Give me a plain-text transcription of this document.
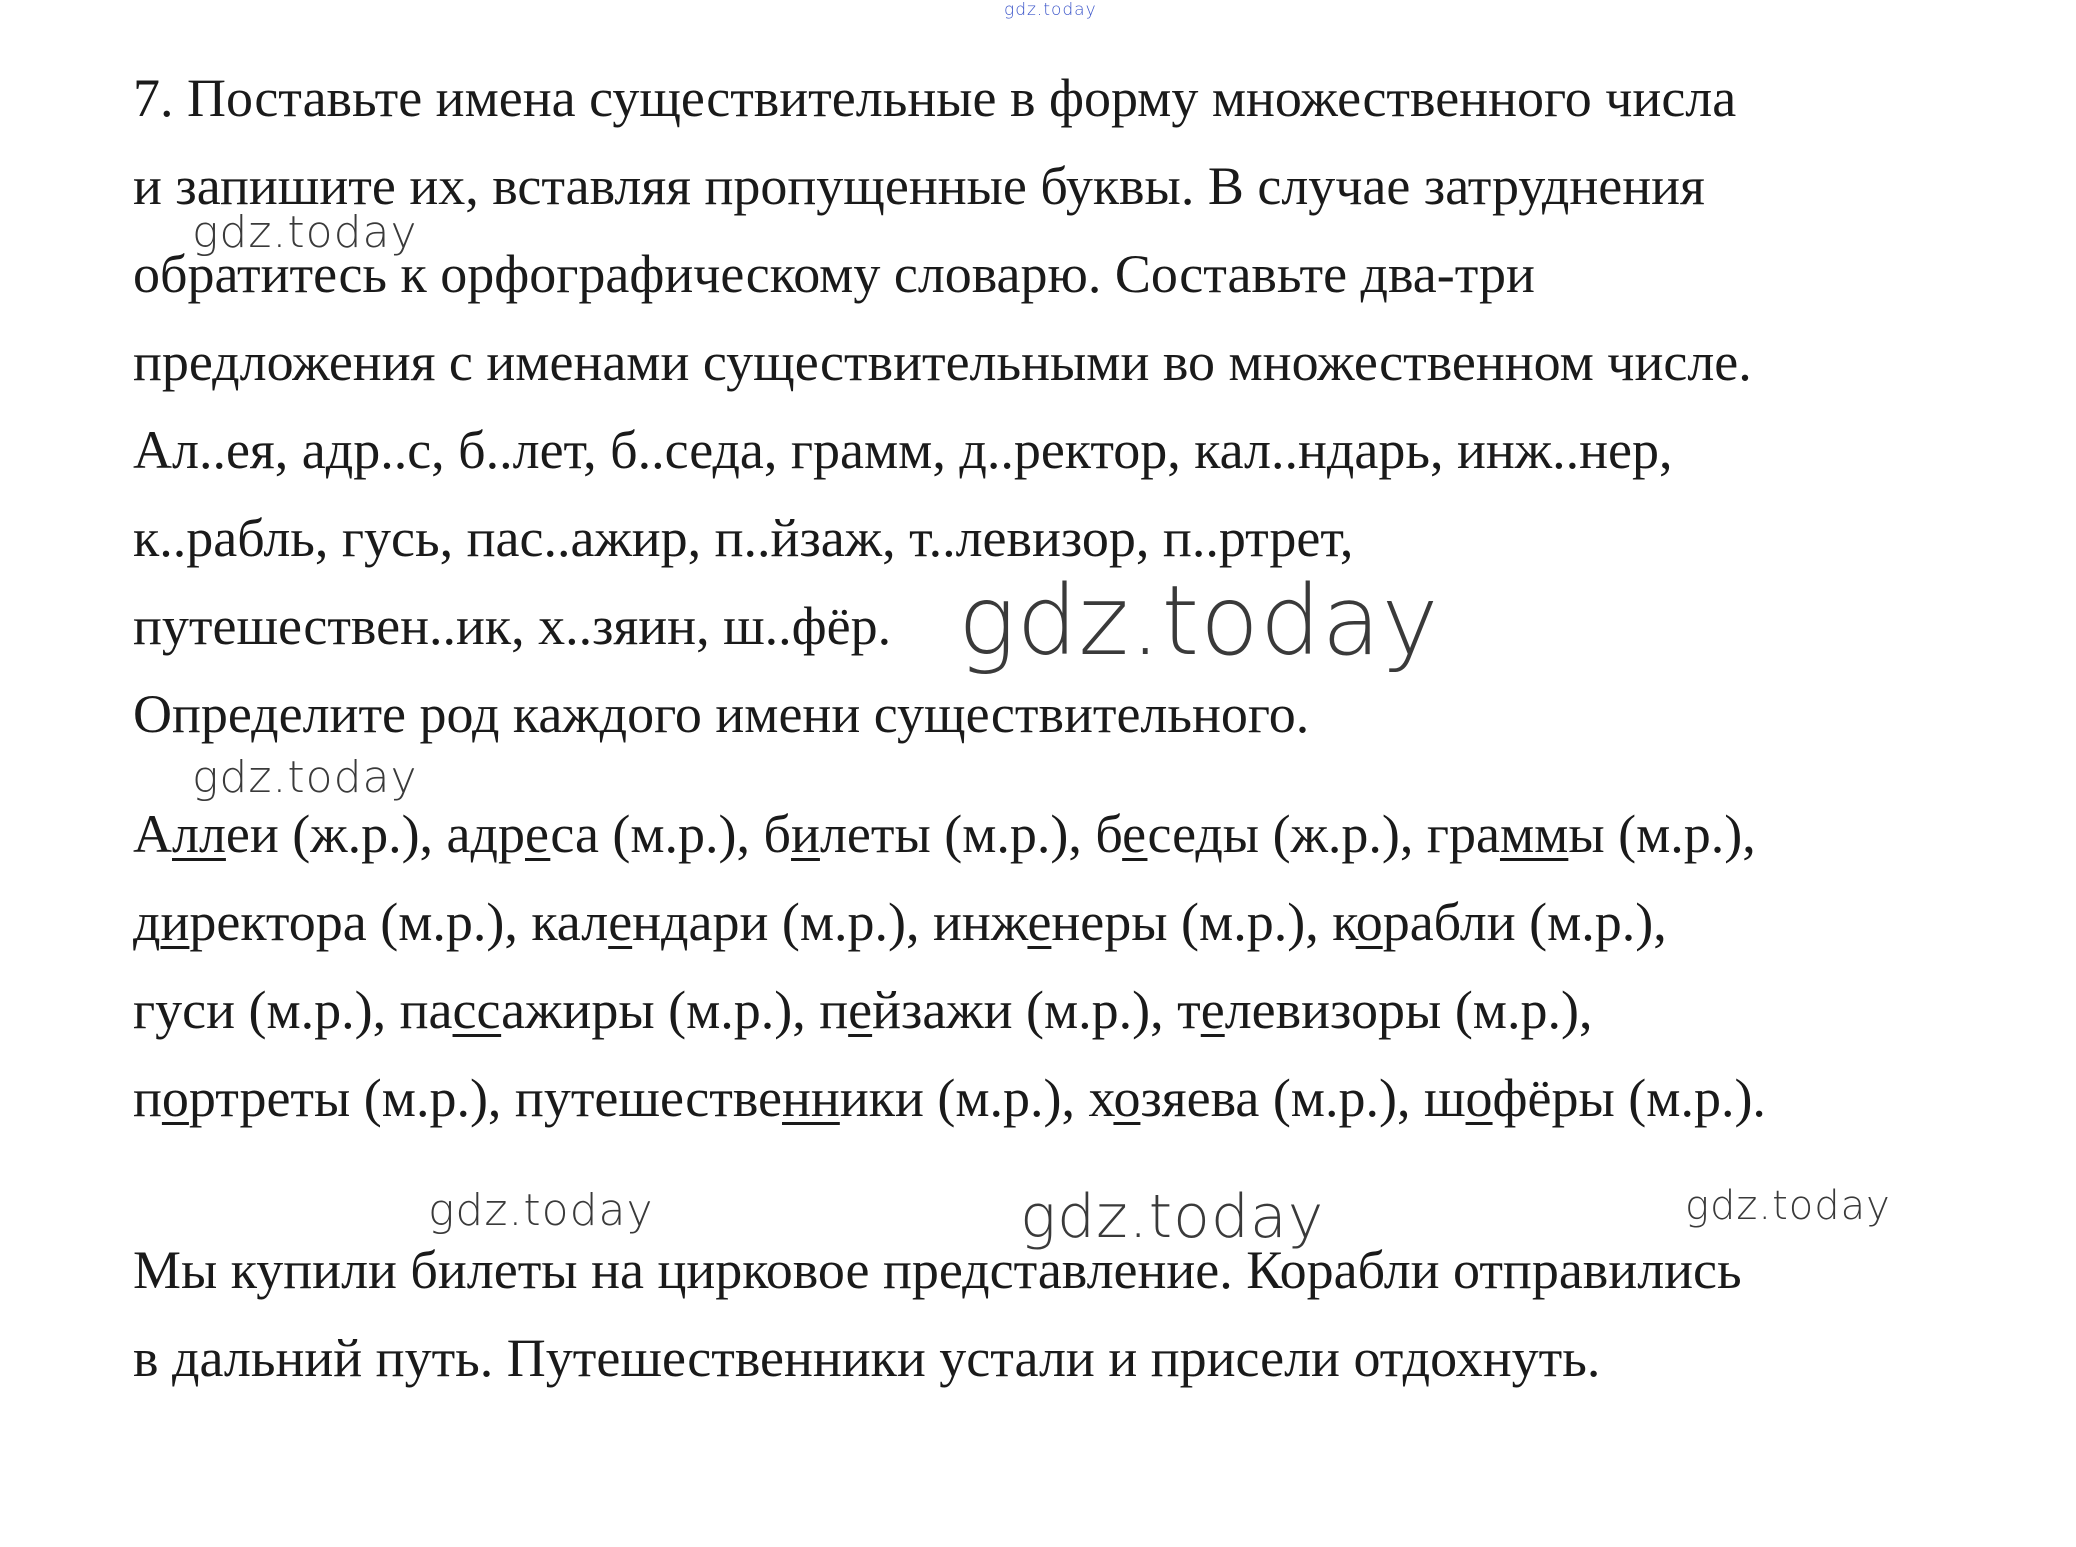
gdz.today
gdz.today
gdz.today
gdz.today
gdz.today	gdz.today	gdz.today
7. Поставьте имена существительные в форму множественного числа
и запишите их, вставляя пропущенные буквы. В случае затруднения
обратитесь к орфографическому словарю. Составьте два-три
предложения с именами существительными во множественном числе.
Ал..ея, адр..с, б..лет, б..седа, грамм, д..ректор, кал..ндарь, инж..нер,
к..рабль, гусь, пас..ажир, п..йзаж, т..левизор, п..ртрет,
путешествен..ик, х..зяин, ш..фёр.
Определите род каждого имени существительного.
Аллеи (ж.р.), адреса (м.р.), билеты (м.р.), беседы (ж.р.), граммы (м.р.),
директора (м.р.), календари (м.р.), инженеры (м.р.), корабли (м.р.),
гуси (м.р.), пассажиры (м.р.), пейзажи (м.р.), телевизоры (м.р.),
портреты (м.р.), путешественники (м.р.), хозяева (м.р.), шофёры (м.р.).
Мы купили билеты на цирковое представление. Корабли отправились
в дальний путь. Путешественники устали и присели отдохнуть.
